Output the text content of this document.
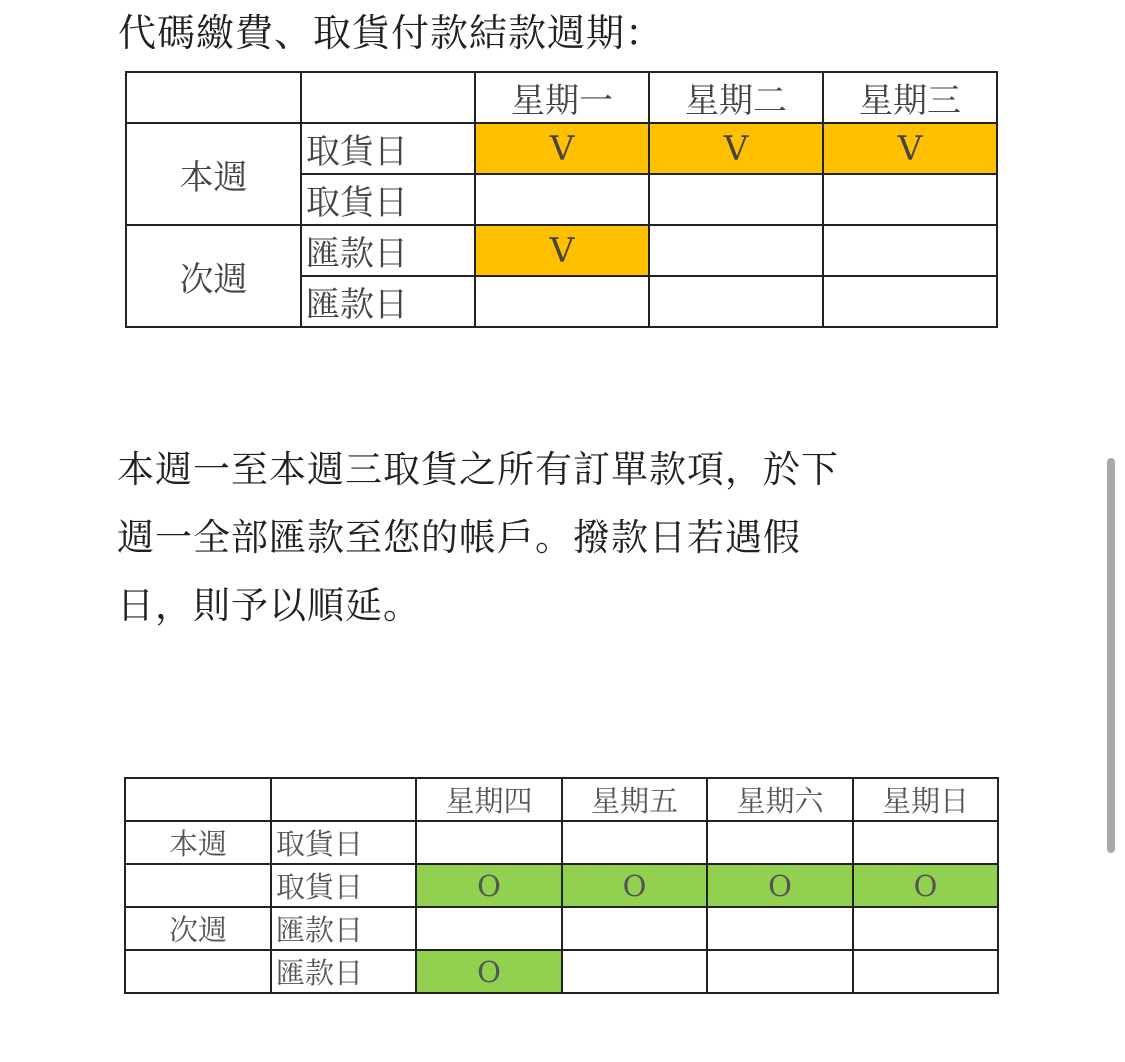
代碼繳費、取貨付款結款週期：
		星期一	星期二	星期三
本週	取貨日	V	V	V
	取貨日			
次週	匯款日	V		
	匯款日			
本週一至本週三取貨之所有訂單款項，於下
週一全部匯款至您的帳戶。撥款日若遇假
日，則予以順延。
		星期四	星期五	星期六	星期日
本週	取貨日				
	取貨日	O	O	O	O
次週	匯款日				
	匯款日	O			
